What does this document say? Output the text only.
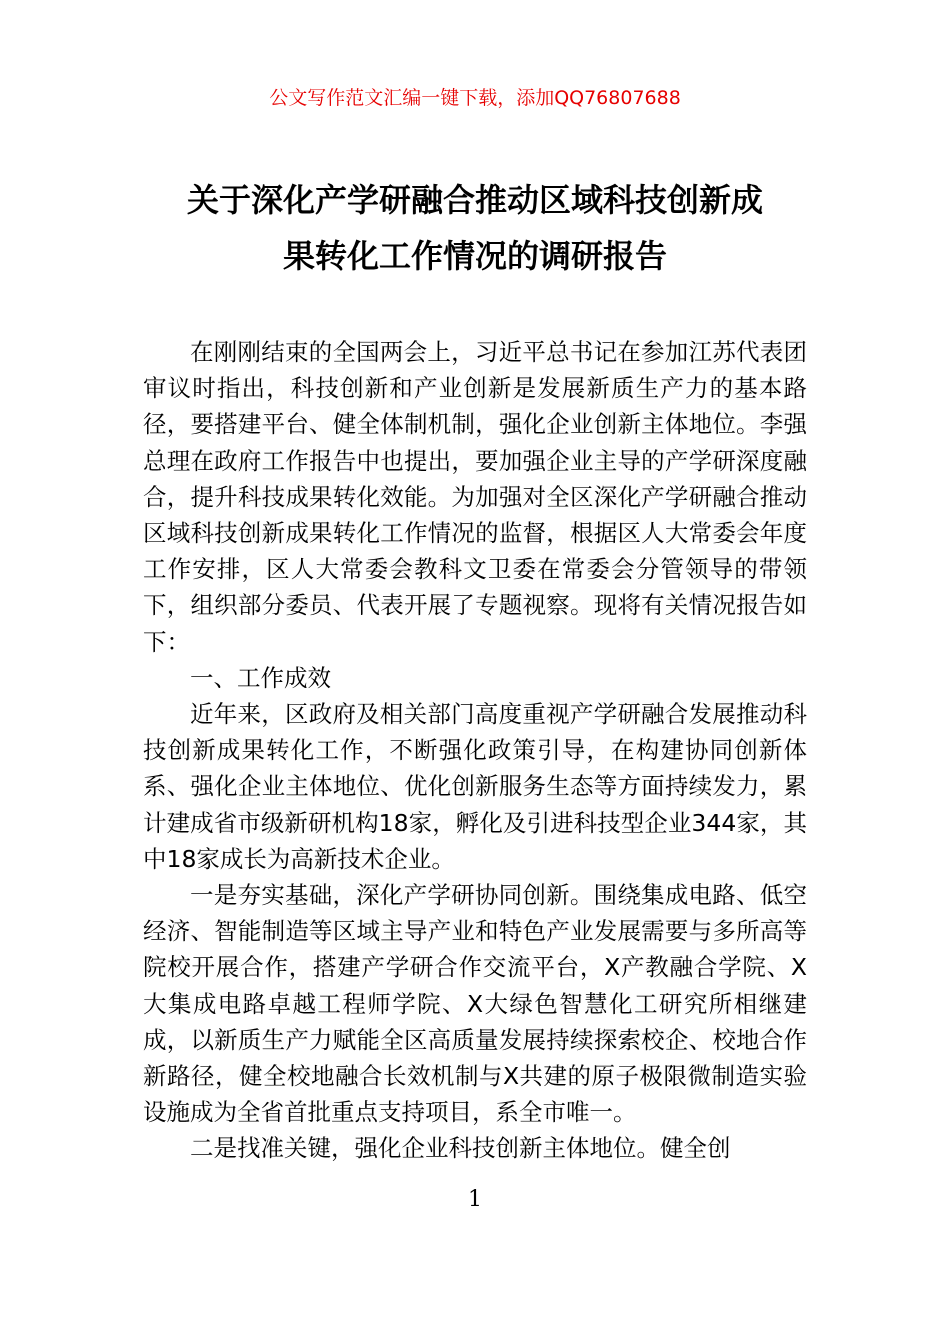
公文写作范文汇编一键下载，添加QQ76807688
关于深化产学研融合推动区域科技创新成
果转化工作情况的调研报告

在刚刚结束的全国两会上，习近平总书记在参加江苏代表团审议时指出，科技创新和产业创新是发展新质生产力的基本路径，要搭建平台、健全体制机制，强化企业创新主体地位。李强总理在政府工作报告中也提出，要加强企业主导的产学研深度融合，提升科技成果转化效能。为加强对全区深化产学研融合推动区域科技创新成果转化工作情况的监督，根据区人大常委会年度工作安排，区人大常委会教科文卫委在常委会分管领导的带领下，组织部分委员、代表开展了专题视察。现将有关情况报告如下：

一、工作成效

近年来，区政府及相关部门高度重视产学研融合发展推动科技创新成果转化工作，不断强化政策引导，在构建协同创新体系、强化企业主体地位、优化创新服务生态等方面持续发力，累计建成省市级新研机构18家，孵化及引进科技型企业344家，其中18家成长为高新技术企业。

一是夯实基础，深化产学研协同创新。围绕集成电路、低空经济、智能制造等区域主导产业和特色产业发展需要与多所高等院校开展合作，搭建产学研合作交流平台，X产教融合学院、X大集成电路卓越工程师学院、X大绿色智慧化工研究所相继建成，以新质生产力赋能全区高质量发展持续探索校企、校地合作新路径，健全校地融合长效机制与X共建的原子极限微制造实验设施成为全省首批重点支持项目，系全市唯一。

二是找准关键，强化企业科技创新主体地位。健全创

1
